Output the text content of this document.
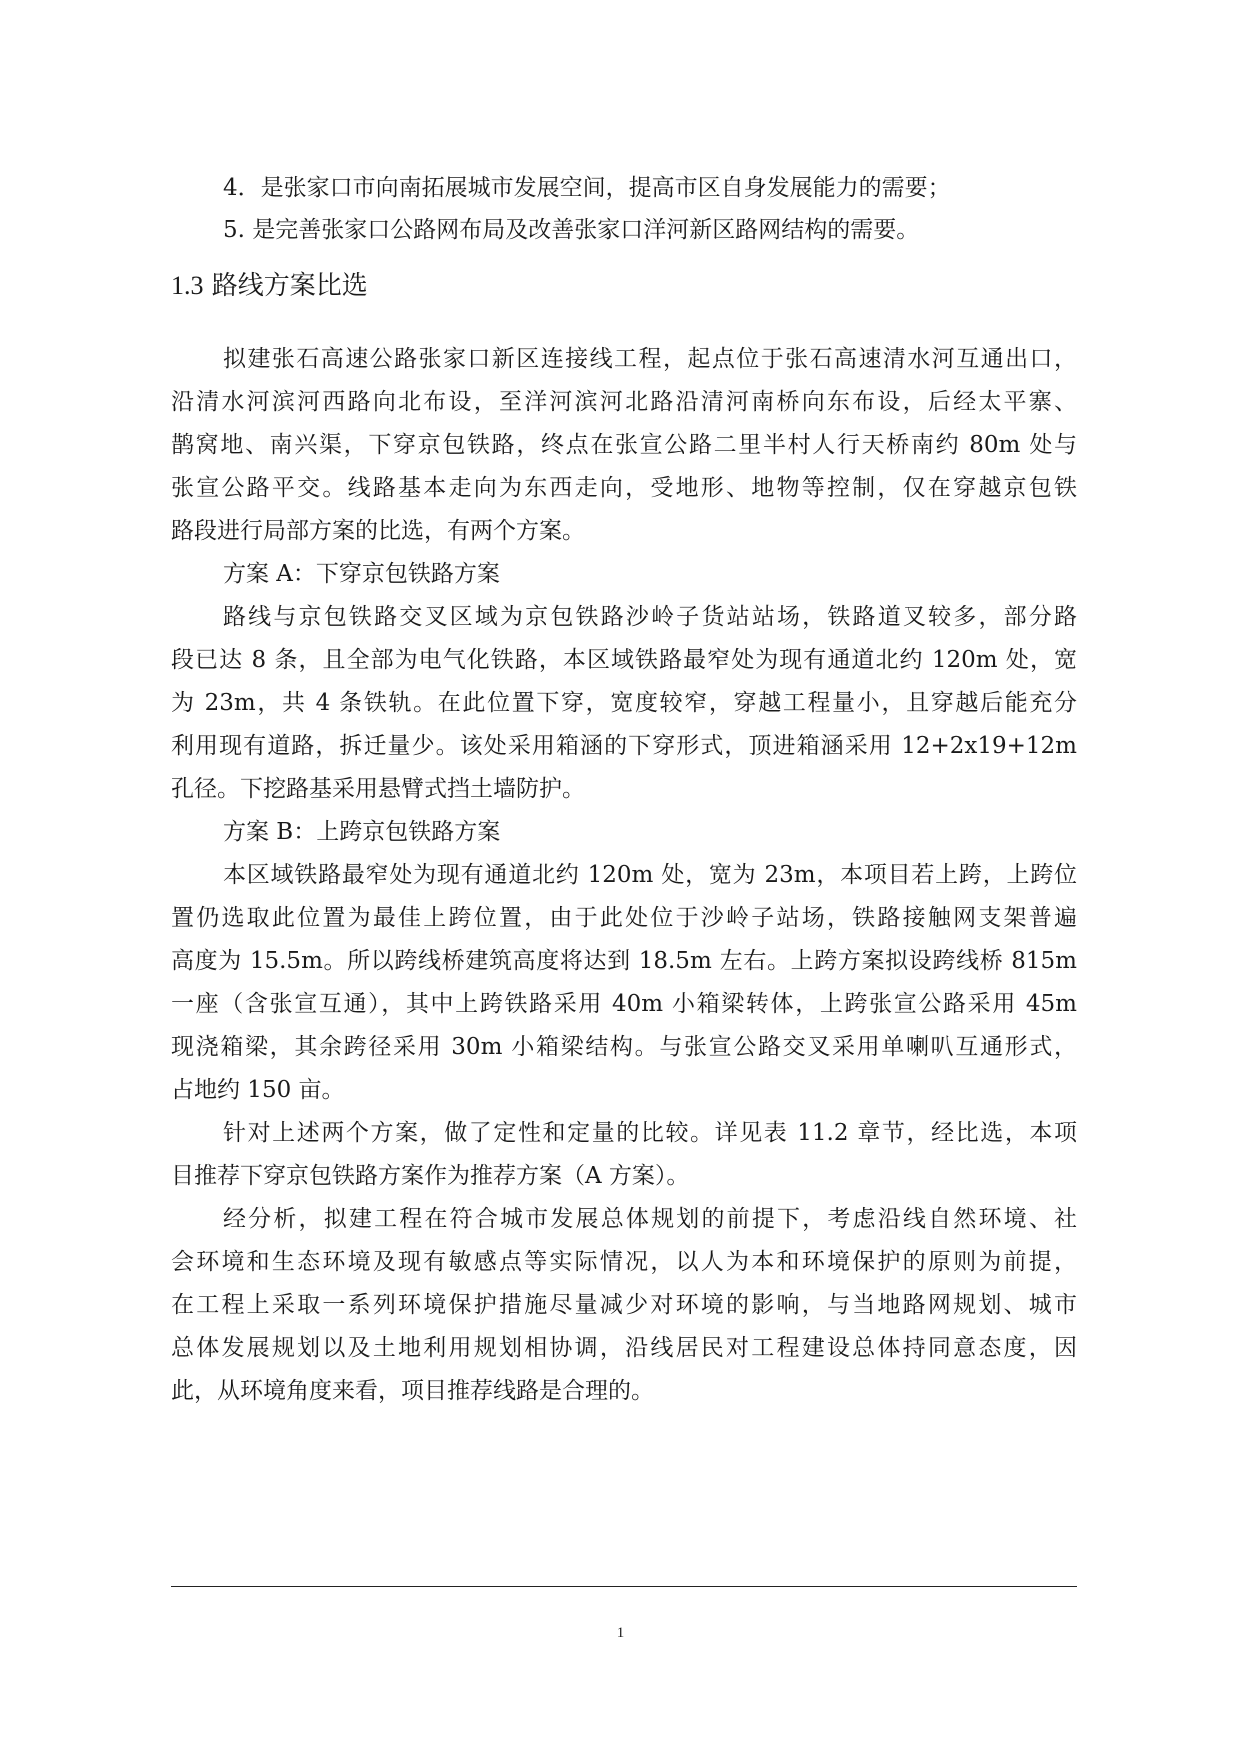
4．是张家口市向南拓展城市发展空间，提高市区自身发展能力的需要；
5. 是完善张家口公路网布局及改善张家口洋河新区路网结构的需要。
1.3 路线方案比选
拟建张石高速公路张家口新区连接线工程，起点位于张石高速清水河互通出口，
沿清水河滨河西路向北布设，至洋河滨河北路沿清河南桥向东布设，后经太平寨、
鹊窝地、南兴渠，下穿京包铁路，终点在张宣公路二里半村人行天桥南约 80m 处与
张宣公路平交。线路基本走向为东西走向，受地形、地物等控制，仅在穿越京包铁
路段进行局部方案的比选，有两个方案。
方案 A：下穿京包铁路方案
路线与京包铁路交叉区域为京包铁路沙岭子货站站场，铁路道叉较多，部分路
段已达 8 条，且全部为电气化铁路，本区域铁路最窄处为现有通道北约 120m 处，宽
为 23m，共 4 条铁轨。在此位置下穿，宽度较窄，穿越工程量小，且穿越后能充分
利用现有道路，拆迁量少。该处采用箱涵的下穿形式，顶进箱涵采用 12+2x19+12m
孔径。下挖路基采用悬臂式挡土墙防护。
方案 B：上跨京包铁路方案
本区域铁路最窄处为现有通道北约 120m 处，宽为 23m，本项目若上跨，上跨位
置仍选取此位置为最佳上跨位置，由于此处位于沙岭子站场，铁路接触网支架普遍
高度为 15.5m。所以跨线桥建筑高度将达到 18.5m 左右。上跨方案拟设跨线桥 815m
一座（含张宣互通），其中上跨铁路采用 40m 小箱梁转体，上跨张宣公路采用 45m
现浇箱梁，其余跨径采用 30m 小箱梁结构。与张宣公路交叉采用单喇叭互通形式，
占地约 150 亩。
针对上述两个方案，做了定性和定量的比较。详见表 11.2 章节，经比选，本项
目推荐下穿京包铁路方案作为推荐方案（A 方案）。
经分析，拟建工程在符合城市发展总体规划的前提下，考虑沿线自然环境、社
会环境和生态环境及现有敏感点等实际情况，以人为本和环境保护的原则为前提，
在工程上采取一系列环境保护措施尽量减少对环境的影响，与当地路网规划、城市
总体发展规划以及土地利用规划相协调，沿线居民对工程建设总体持同意态度，因
此，从环境角度来看，项目推荐线路是合理的。
1
